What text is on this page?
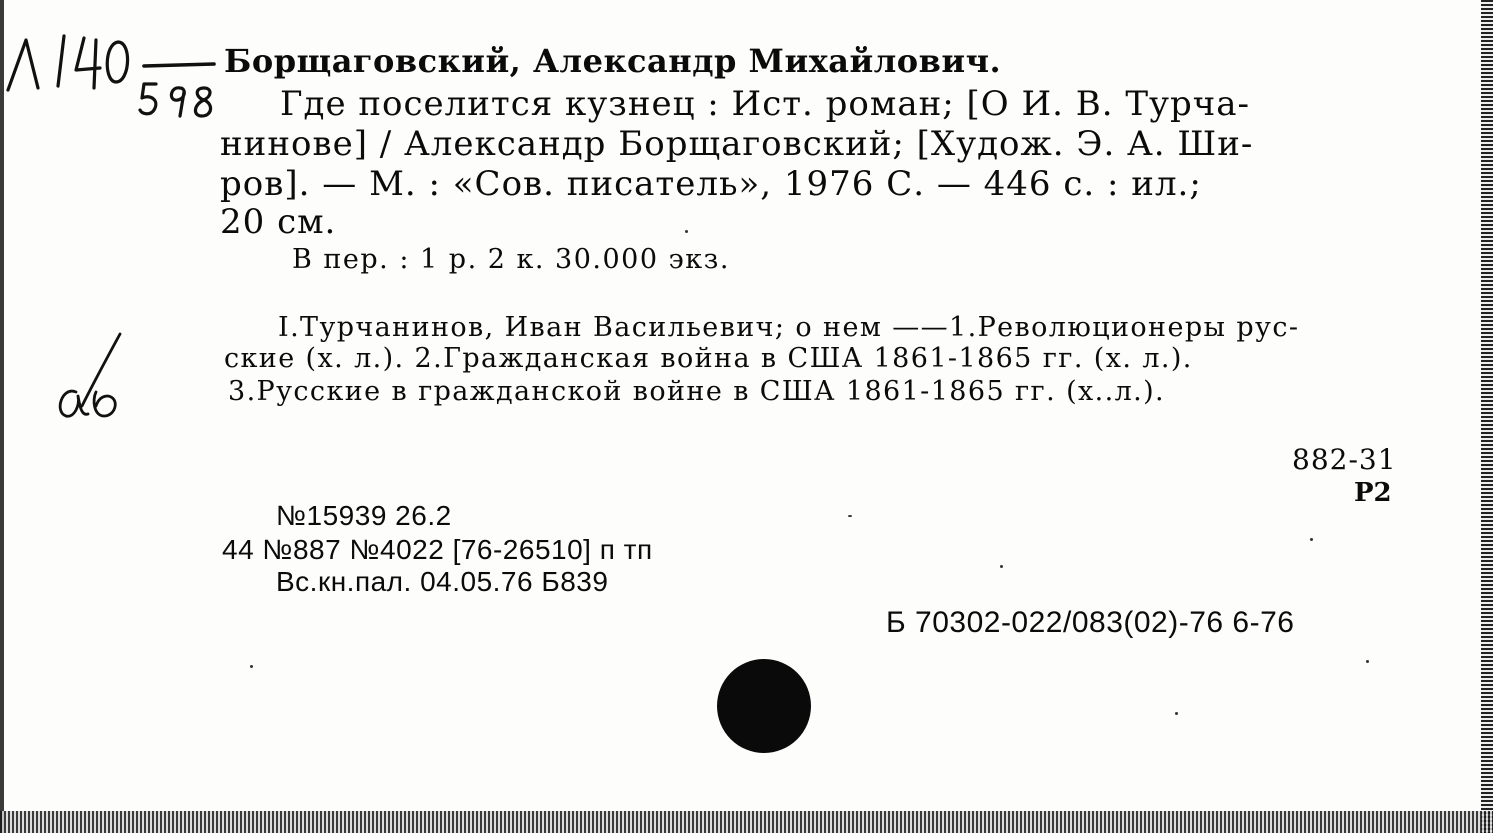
Борщаговский, Александр Михайлович.
Где поселится кузнец : Ист. роман; [О И. В. Турча-
нинове] / Александр Борщаговский; [Худож. Э. А. Ши-
ров]. — М. : «Сов. писатель», 1976 С. — 446 с. : ил.;
20 см.
В пер. : 1 р. 2 к. 30.000 экз.
I.Турчанинов, Иван Васильевич; о нем ——1.Революционеры рус-
ские (х. л.). 2.Гражданская война в США 1861-1865 гг. (х. л.).
3.Русские в гражданской войне в США 1861-1865 гг. (х..л.).
882-31
Р2
№15939 26.2
44 №887 №4022 [76-26510] п тп
Вс.кн.пал. 04.05.76 Б839
Б 70302-022/083(02)-76 6-76
